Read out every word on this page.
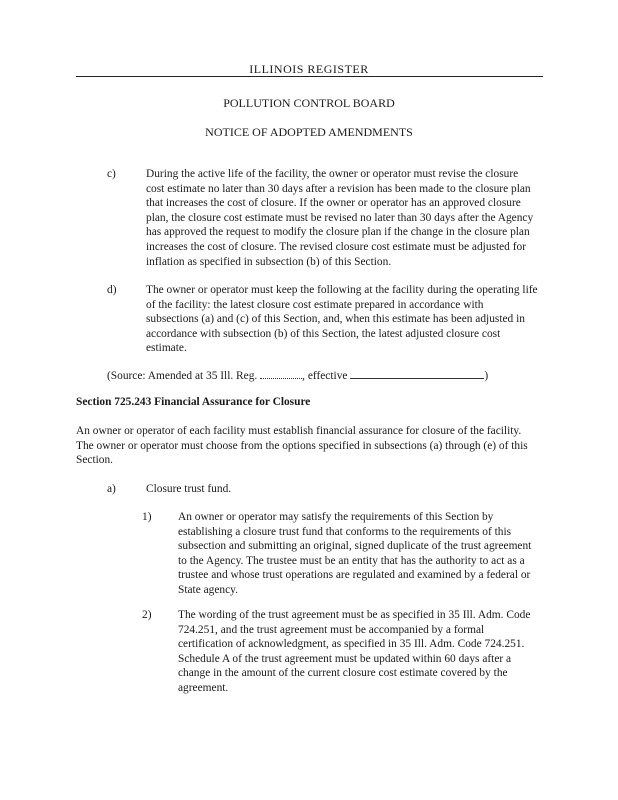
ILLINOIS REGISTER
POLLUTION CONTROL BOARD
NOTICE OF ADOPTED AMENDMENTS
c)	During the active life of the facility, the owner or operator must revise the closure cost estimate no later than 30 days after a revision has been made to the closure plan that increases the cost of closure. If the owner or operator has an approved closure plan, the closure cost estimate must be revised no later than 30 days after the Agency has approved the request to modify the closure plan if the change in the closure plan increases the cost of closure. The revised closure cost estimate must be adjusted for inflation as specified in subsection (b) of this Section.
d)	The owner or operator must keep the following at the facility during the operating life of the facility: the latest closure cost estimate prepared in accordance with subsections (a) and (c) of this Section, and, when this estimate has been adjusted in accordance with subsection (b) of this Section, the latest adjusted closure cost estimate.
(Source: Amended at 35 Ill. Reg.	, effective	)
Section 725.243 Financial Assurance for Closure
An owner or operator of each facility must establish financial assurance for closure of the facility. The owner or operator must choose from the options specified in subsections (a) through (e) of this Section.
a)	Closure trust fund.
1) An owner or operator may satisfy the requirements of this Section by establishing a closure trust fund that conforms to the requirements of this subsection and submitting an original, signed duplicate of the trust agreement to the Agency. The trustee must be an entity that has the authority to act as a trustee and whose trust operations are regulated and examined by a federal or State agency.
2) The wording of the trust agreement must be as specified in 35 Ill. Adm. Code 724.251, and the trust agreement must be accompanied by a formal certification of acknowledgment, as specified in 35 Ill. Adm. Code 724.251. Schedule A of the trust agreement must be updated within 60 days after a change in the amount of the current closure cost estimate covered by the agreement.
